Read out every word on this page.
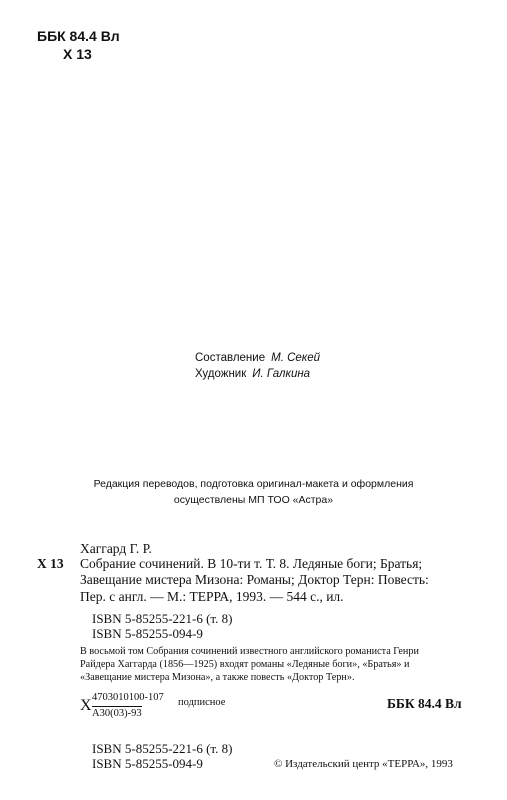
ББК 84.4 Вл
Х 13
Составление М. Секей
Художник И. Галкина
Редакция переводов, подготовка оригинал-макета и оформления
осуществлены МП ТОО «Астра»
Хаггард Г. Р.
Х 13 Собрание сочинений. В 10-ти т. Т. 8. Ледяные боги; Братья;
Завещание мистера Мизона: Романы; Доктор Терн: Повесть:
Пер. с англ. — М.: ТЕРРА, 1993. — 544 с., ил.
ISBN 5-85255-221-6 (т. 8)
ISBN 5-85255-094-9
В восьмой том Собрания сочинений известного английского романиста Генри
Райдера Хаггарда (1856—1925) входят романы «Ледяные боги», «Братья» и
«Завещание мистера Мизона», а также повесть «Доктор Терн».
Х 4703010100-107
А30(03)-93
подписное	ББК 84.4 Вл
ISBN 5-85255-221-6 (т. 8)
ISBN 5-85255-094-9	© Издательский центр «ТЕРРА», 1993
